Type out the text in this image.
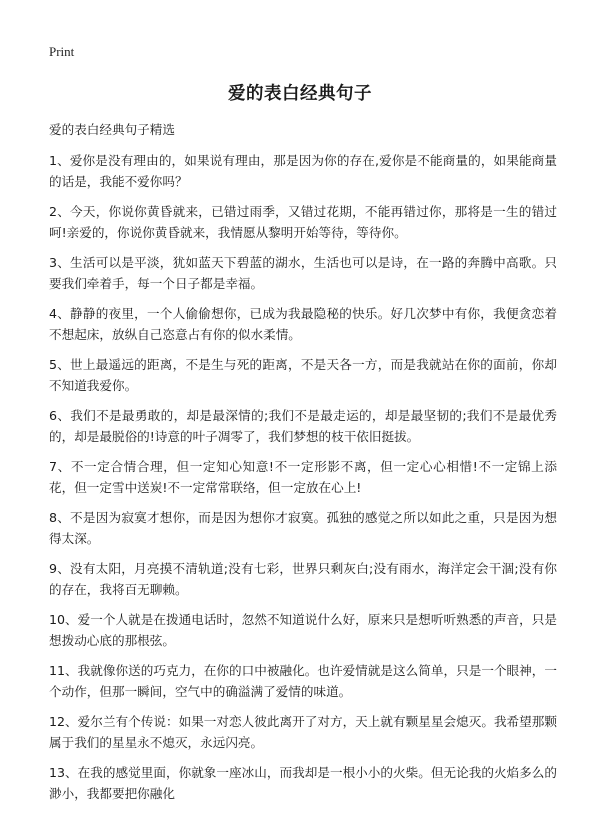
Print
爱的表白经典句子
爱的表白经典句子精选

1、爱你是没有理由的，如果说有理由，那是因为你的存在,爱你是不能商量的，如果能商量的话是，我能不爱你吗？

2、今天，你说你黄昏就来，已错过雨季，又错过花期，不能再错过你，那将是一生的错过呵!亲爱的，你说你黄昏就来，我情愿从黎明开始等待，等待你。

3、生活可以是平淡，犹如蓝天下碧蓝的湖水，生活也可以是诗，在一路的奔腾中高歌。只要我们牵着手，每一个日子都是幸福。

4、静静的夜里，一个人偷偷想你，已成为我最隐秘的快乐。好几次梦中有你，我便贪恋着不想起床，放纵自己恣意占有你的似水柔情。

5、世上最遥远的距离，不是生与死的距离，不是天各一方，而是我就站在你的面前，你却不知道我爱你。

6、我们不是最勇敢的，却是最深情的;我们不是最走运的，却是最坚韧的;我们不是最优秀的，却是最脱俗的!诗意的叶子凋零了，我们梦想的枝干依旧挺拔。

7、不一定合情合理，但一定知心知意!不一定形影不离，但一定心心相惜!不一定锦上添花，但一定雪中送炭!不一定常常联络，但一定放在心上!

8、不是因为寂寞才想你，而是因为想你才寂寞。孤独的感觉之所以如此之重，只是因为想得太深。

9、没有太阳，月亮摸不清轨道;没有七彩，世界只剩灰白;没有雨水，海洋定会干涸;没有你的存在，我将百无聊赖。

10、爱一个人就是在拨通电话时，忽然不知道说什么好，原来只是想听听熟悉的声音，只是想拨动心底的那根弦。

11、我就像你送的巧克力，在你的口中被融化。也许爱情就是这么简单，只是一个眼神，一个动作，但那一瞬间，空气中的确溢满了爱情的味道。

12、爱尔兰有个传说：如果一对恋人彼此离开了对方，天上就有颗星星会熄灭。我希望那颗属于我们的星星永不熄灭，永远闪亮。

13、在我的感觉里面，你就象一座冰山，而我却是一根小小的火柴。但无论我的火焰多么的渺小，我都要把你融化
